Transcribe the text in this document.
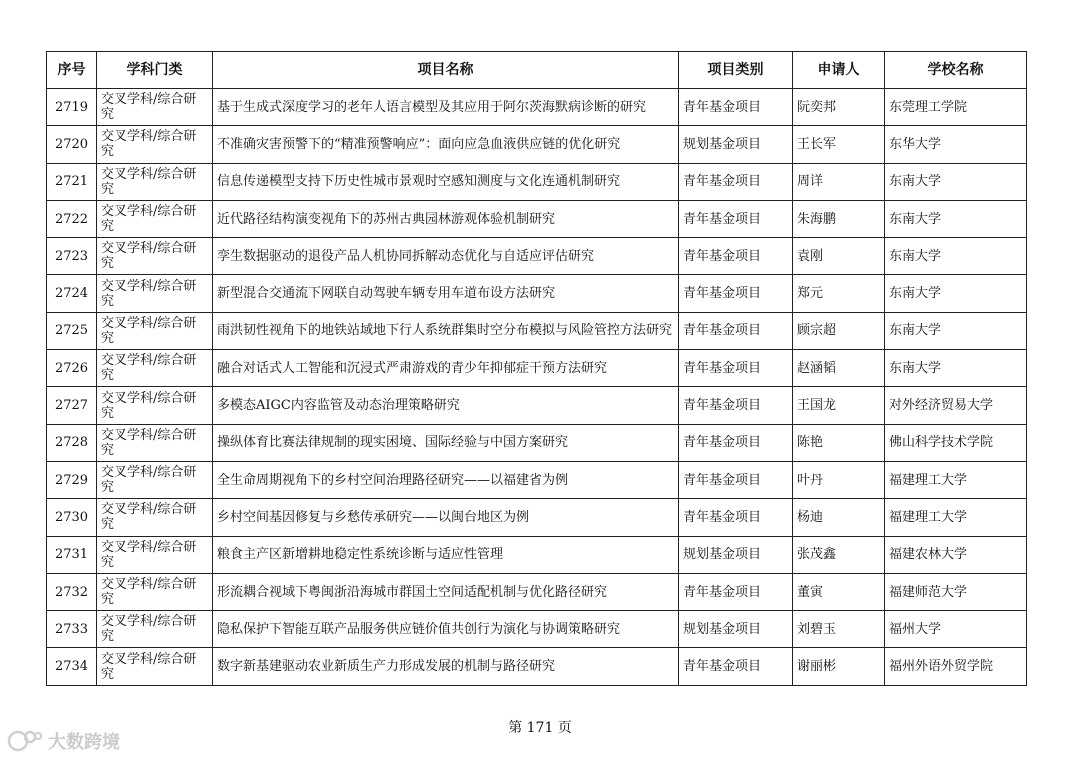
序号	学科门类	项目名称	项目类别	申请人	学校名称
2719	交叉学科/综合研究	基于生成式深度学习的老年人语言模型及其应用于阿尔茨海默病诊断的研究	青年基金项目	阮奕邦	东莞理工学院
2720	交叉学科/综合研究	不准确灾害预警下的“精准预警响应”：面向应急血液供应链的优化研究	规划基金项目	王长军	东华大学
2721	交叉学科/综合研究	信息传递模型支持下历史性城市景观时空感知测度与文化连通机制研究	青年基金项目	周详	东南大学
2722	交叉学科/综合研究	近代路径结构演变视角下的苏州古典园林游观体验机制研究	青年基金项目	朱海鹏	东南大学
2723	交叉学科/综合研究	孪生数据驱动的退役产品人机协同拆解动态优化与自适应评估研究	青年基金项目	袁刚	东南大学
2724	交叉学科/综合研究	新型混合交通流下网联自动驾驶车辆专用车道布设方法研究	青年基金项目	郑元	东南大学
2725	交叉学科/综合研究	雨洪韧性视角下的地铁站域地下行人系统群集时空分布模拟与风险管控方法研究	青年基金项目	顾宗超	东南大学
2726	交叉学科/综合研究	融合对话式人工智能和沉浸式严肃游戏的青少年抑郁症干预方法研究	青年基金项目	赵涵韬	东南大学
2727	交叉学科/综合研究	多模态AIGC内容监管及动态治理策略研究	青年基金项目	王国龙	对外经济贸易大学
2728	交叉学科/综合研究	操纵体育比赛法律规制的现实困境、国际经验与中国方案研究	青年基金项目	陈艳	佛山科学技术学院
2729	交叉学科/综合研究	全生命周期视角下的乡村空间治理路径研究——以福建省为例	青年基金项目	叶丹	福建理工大学
2730	交叉学科/综合研究	乡村空间基因修复与乡愁传承研究——以闽台地区为例	青年基金项目	杨迪	福建理工大学
2731	交叉学科/综合研究	粮食主产区新增耕地稳定性系统诊断与适应性管理	规划基金项目	张茂鑫	福建农林大学
2732	交叉学科/综合研究	形流耦合视域下粤闽浙沿海城市群国土空间适配机制与优化路径研究	青年基金项目	董寅	福建师范大学
2733	交叉学科/综合研究	隐私保护下智能互联产品服务供应链价值共创行为演化与协调策略研究	规划基金项目	刘碧玉	福州大学
2734	交叉学科/综合研究	数字新基建驱动农业新质生产力形成发展的机制与路径研究	青年基金项目	谢丽彬	福州外语外贸学院
第 171 页
大数跨境
